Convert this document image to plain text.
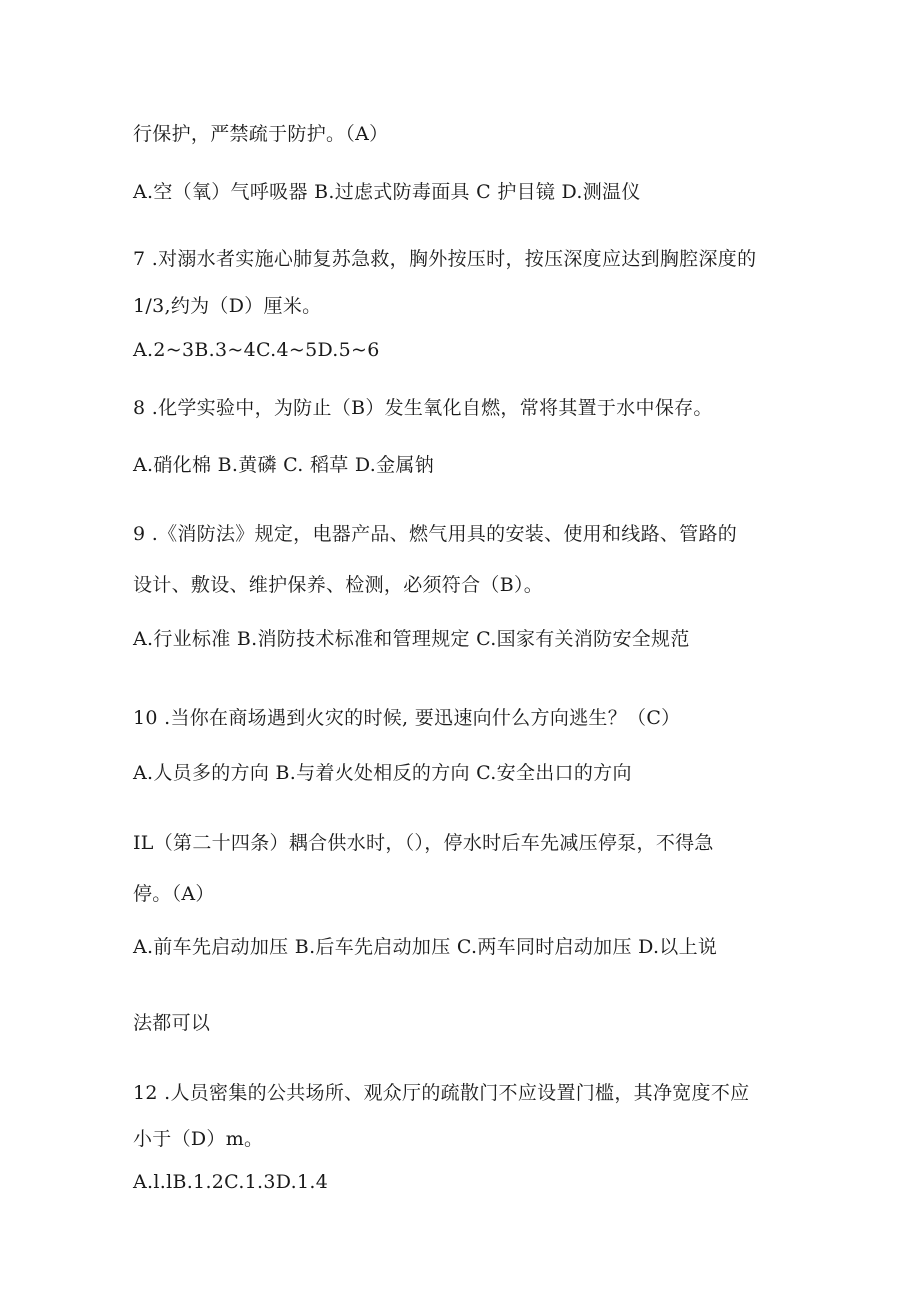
行保护，严禁疏于防护。（A）
A.空（氧）气呼吸器 B.过虑式防毒面具 C 护目镜 D.测温仪
7 .对溺水者实施心肺复苏急救，胸外按压时，按压深度应达到胸腔深度的
1/3,约为（D）厘米。
A.2~3B.3~4C.4~5D.5~6
8 .化学实验中，为防止（B）发生氧化自燃，常将其置于水中保存。
A.硝化棉 B.黄磷 C. 稻草 D.金属钠
9 .《消防法》规定，电器产品、燃气用具的安装、使用和线路、管路的
设计、敷设、维护保养、检测，必须符合（B）。
A.行业标准 B.消防技术标准和管理规定 C.国家有关消防安全规范
10 .当你在商场遇到火灾的时候, 要迅速向什么方向逃生？（C）
A.人员多的方向 B.与着火处相反的方向 C.安全出口的方向
IL（第二十四条）耦合供水时，（），停水时后车先减压停泵，不得急
停。（A）
A.前车先启动加压 B.后车先启动加压 C.两车同时启动加压 D.以上说
法都可以
12 .人员密集的公共场所、观众厅的疏散门不应设置门槛，其净宽度不应
小于（D）m。
A.l.lB.1.2C.1.3D.1.4
